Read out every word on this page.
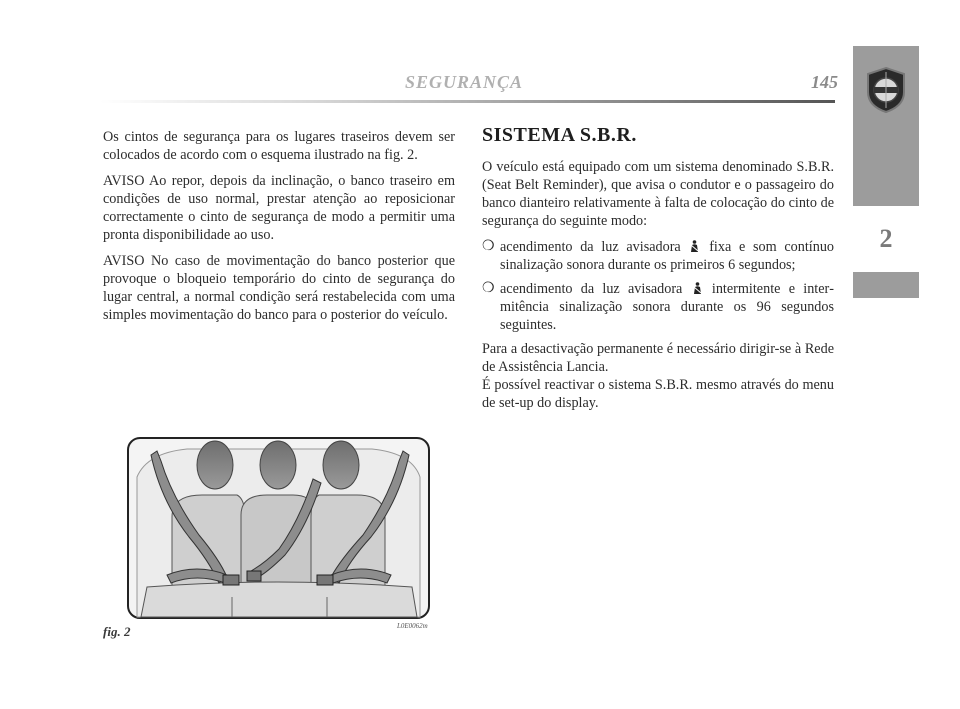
2
SEGURANÇA	145

Os cintos de segurança para os lugares traseiros devem ser colocados de acordo com o esquema ilustrado na fig. 2.

AVISO Ao repor, depois da inclinação, o banco traseiro em condições de uso normal, prestar atenção ao reposicionar correctamente o cinto de segurança de modo a permitir uma pronta disponibilidade ao uso.

AVISO No caso de movimentação do banco posterior que provoque o bloqueio temporário do cinto de segurança do lugar central, a normal condição será restabelecida com uma simples movimentação do banco para o posterior do veículo.

SISTEMA S.B.R.

O veículo está equipado com um sistema denominado S.B.R. (Seat Belt Reminder), que avisa o condutor e o passageiro do banco dianteiro relativamente à falta de colocação do cinto de segurança do seguinte modo:

❍ acendimento da luz avisadora fixa e som contínuo sinalização sonora durante os primeiros 6 segundos;
❍ acendimento da luz avisadora intermitente e intermitência sinalização sonora durante os 96 segundos seguintes.

Para a desactivação permanente é necessário dirigir-se à Rede de Assistência Lancia.

É possível reactivar o sistema S.B.R. mesmo através do menu de set-up do display.

fig. 2	L0E0062m
